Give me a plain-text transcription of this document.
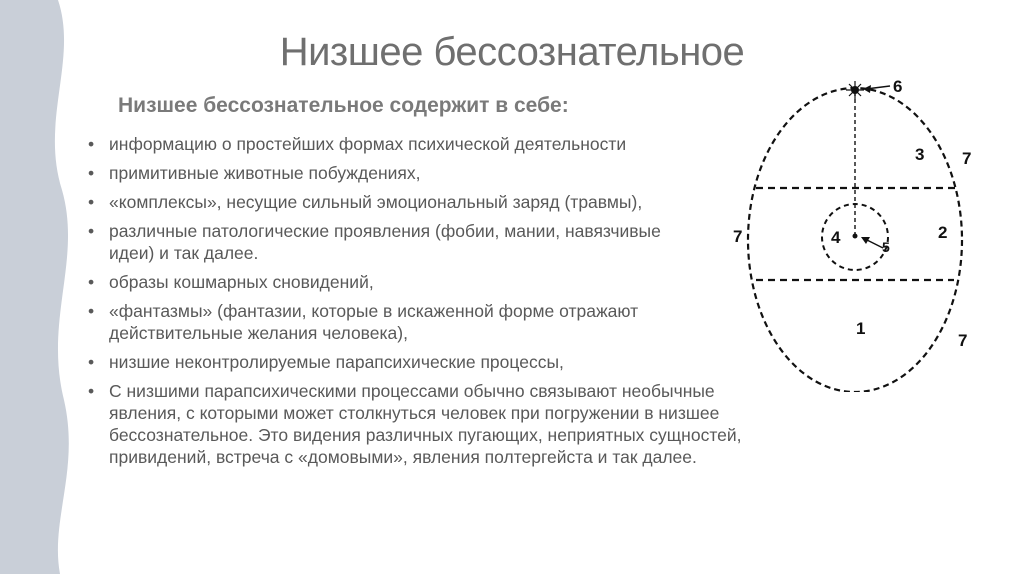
Низшее бессознательное
Низшее бессознательное содержит в себе:
• информацию о простейших формах психической деятельности
• примитивные животные побуждениях,
• «комплексы», несущие сильный эмоциональный заряд (травмы),
• различные патологические проявления (фобии, мании, навязчивые идеи) и так далее.
• образы кошмарных сновидений,
• «фантазмы» (фантазии, которые в искаженной форме отражают действительные желания человека),
• низшие неконтролируемые парапсихические процессы,
• С низшими парапсихическими процессами обычно связывают необычные явления, с которыми может столкнуться человек при погружении в низшее бессознательное. Это видения различных пугающих, неприятных сущностей, привидений, встреча с «домовыми», явления полтергейста и так далее.
1
2
3
4	5
6
7
7
7
